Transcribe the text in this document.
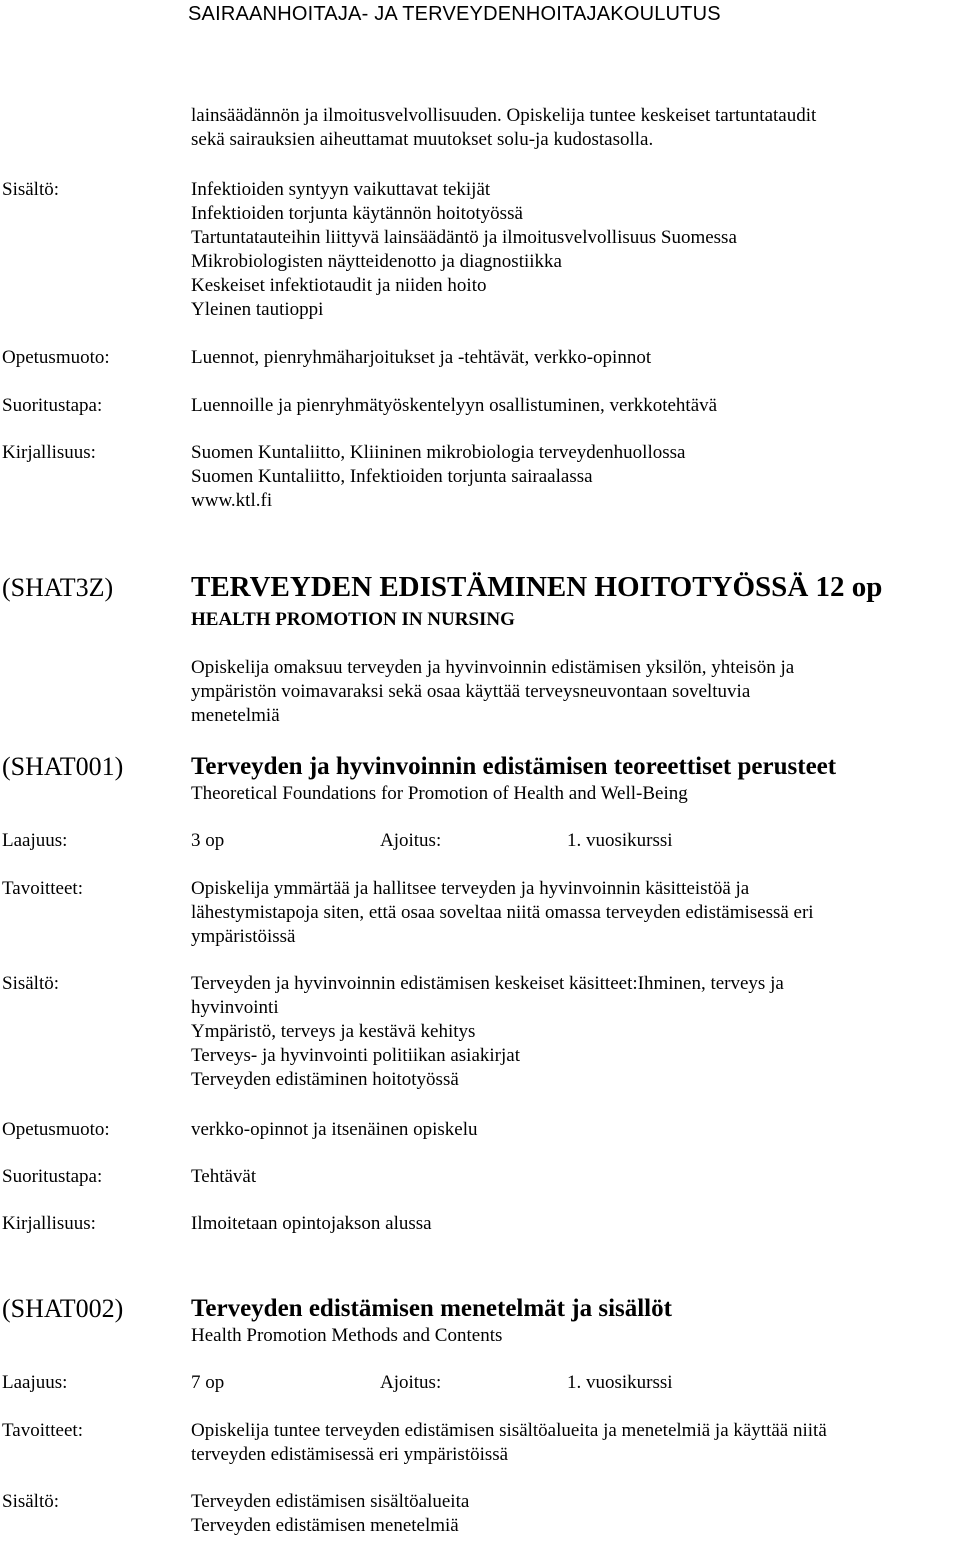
SAIRAANHOITAJA- JA TERVEYDENHOITAJAKOULUTUS
lainsäädännön ja ilmoitusvelvollisuuden. Opiskelija tuntee keskeiset tartuntataudit
sekä sairauksien aiheuttamat muutokset solu-ja kudostasolla.
Sisältö:	Infektioiden syntyyn vaikuttavat tekijät
Infektioiden torjunta käytännön hoitotyössä
Tartuntatauteihin liittyvä lainsäädäntö ja ilmoitusvelvollisuus Suomessa
Mikrobiologisten näytteidenotto ja diagnostiikka
Keskeiset infektiotaudit ja niiden hoito
Yleinen tautioppi
Opetusmuoto:	Luennot, pienryhmäharjoitukset ja -tehtävät, verkko-opinnot
Suoritustapa:	Luennoille ja pienryhmätyöskentelyyn osallistuminen, verkkotehtävä
Kirjallisuus:	Suomen Kuntaliitto, Kliininen mikrobiologia terveydenhuollossa
Suomen Kuntaliitto, Infektioiden torjunta sairaalassa
www.ktl.fi
(SHAT3Z)	TERVEYDEN EDISTÄMINEN HOITOTYÖSSÄ 12 op
HEALTH PROMOTION IN NURSING
Opiskelija omaksuu terveyden ja hyvinvoinnin edistämisen yksilön, yhteisön ja
ympäristön voimavaraksi sekä osaa käyttää terveysneuvontaan soveltuvia
menetelmiä
(SHAT001)	Terveyden ja hyvinvoinnin edistämisen teoreettiset perusteet
Theoretical Foundations for Promotion of Health and Well-Being
Laajuus:	3 op	Ajoitus:	1. vuosikurssi
Tavoitteet:	Opiskelija ymmärtää ja hallitsee terveyden ja hyvinvoinnin käsitteistöä ja
lähestymistapoja siten, että osaa soveltaa niitä omassa terveyden edistämisessä eri
ympäristöissä
Sisältö:	Terveyden ja hyvinvoinnin edistämisen keskeiset käsitteet:Ihminen, terveys ja
hyvinvointi
Ympäristö, terveys ja kestävä kehitys
Terveys- ja hyvinvointi politiikan asiakirjat
Terveyden edistäminen hoitotyössä
Opetusmuoto:	verkko-opinnot ja itsenäinen opiskelu
Suoritustapa:	Tehtävät
Kirjallisuus:	Ilmoitetaan opintojakson alussa
(SHAT002)	Terveyden edistämisen menetelmät ja sisällöt
Health Promotion Methods and Contents
Laajuus:	7 op	Ajoitus:	1. vuosikurssi
Tavoitteet:	Opiskelija tuntee terveyden edistämisen sisältöalueita ja menetelmiä ja käyttää niitä
terveyden edistämisessä eri ympäristöissä
Sisältö:	Terveyden edistämisen sisältöalueita
Terveyden edistämisen menetelmiä
